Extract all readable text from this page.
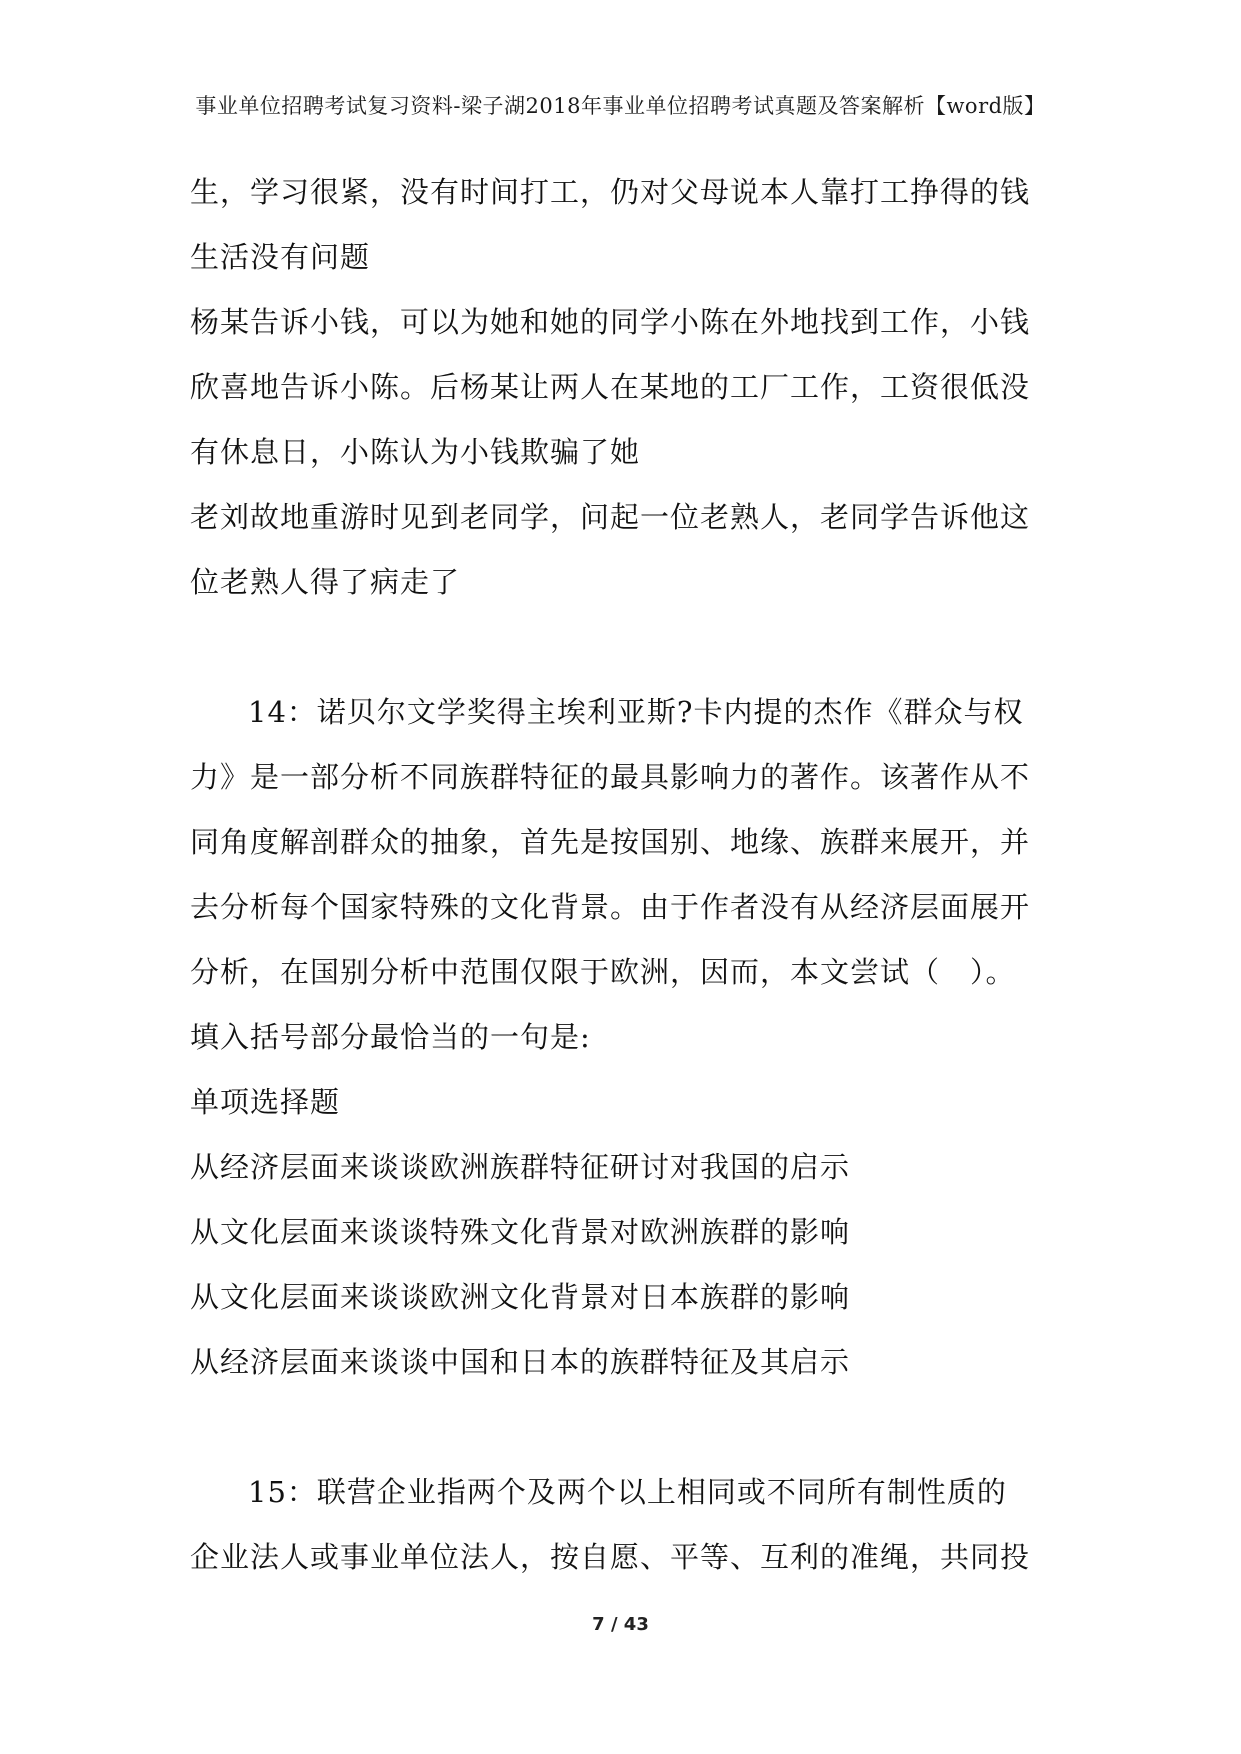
事业单位招聘考试复习资料-梁子湖2018年事业单位招聘考试真题及答案解析【word版】
生，学习很紧，没有时间打工，仍对父母说本人靠打工挣得的钱
生活没有问题
杨某告诉小钱，可以为她和她的同学小陈在外地找到工作，小钱
欣喜地告诉小陈。后杨某让两人在某地的工厂工作，工资很低没
有休息日，小陈认为小钱欺骗了她
老刘故地重游时见到老同学，问起一位老熟人，老同学告诉他这
位老熟人得了病走了
14：诺贝尔文学奖得主埃利亚斯?卡内提的杰作《群众与权
力》是一部分析不同族群特征的最具影响力的著作。该著作从不
同角度解剖群众的抽象，首先是按国别、地缘、族群来展开，并
去分析每个国家特殊的文化背景。由于作者没有从经济层面展开
分析，在国别分析中范围仅限于欧洲，因而，本文尝试（　）。
填入括号部分最恰当的一句是:
单项选择题
从经济层面来谈谈欧洲族群特征研讨对我国的启示
从文化层面来谈谈特殊文化背景对欧洲族群的影响
从文化层面来谈谈欧洲文化背景对日本族群的影响
从经济层面来谈谈中国和日本的族群特征及其启示
15：联营企业指两个及两个以上相同或不同所有制性质的
企业法人或事业单位法人，按自愿、平等、互利的准绳，共同投
7 / 43
